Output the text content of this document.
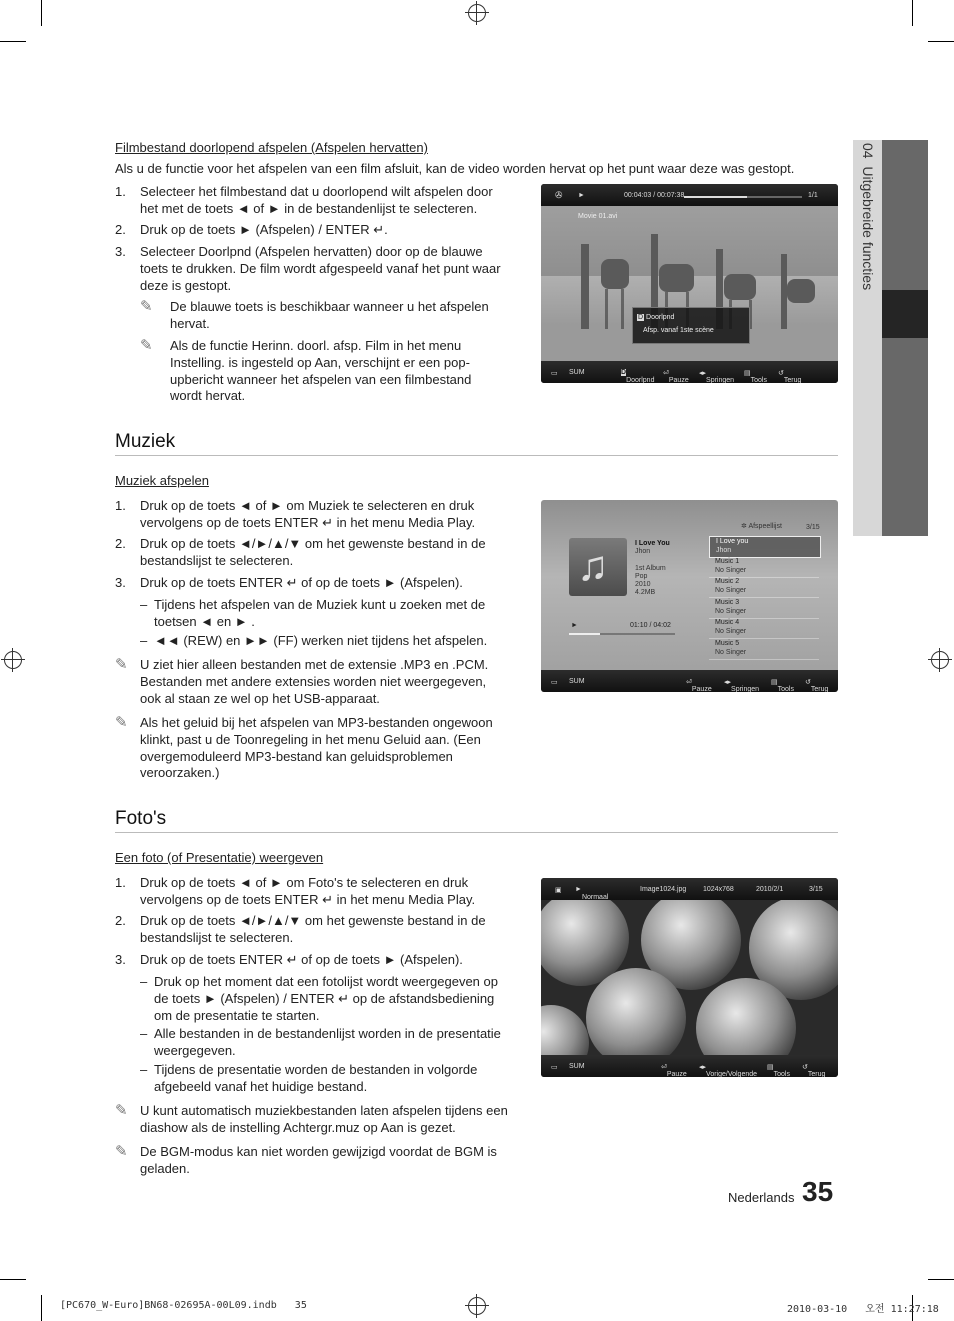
04  Uitgebreide functies
Filmbestand doorlopend afspelen (Afspelen hervatten)
Als u de functie voor het afspelen van een film afsluit, kan de video worden hervat op het punt waar deze was gestopt.
1.	Selecteer het filmbestand dat u doorlopend wilt afspelen door het met de toets ◄ of ► in de bestandenlijst te selecteren.
2.	Druk op de toets ► (Afspelen) / ENTER ↵.
3.	Selecteer Doorlpnd (Afspelen hervatten) door op de blauwe toets te drukken. De film wordt afgespeeld vanaf het punt waar deze is gestopt.
✎	De blauwe toets is beschikbaar wanneer u het afspelen hervat.
✎	Als de functie Herinn. doorl. afsp. Film in het menu Instelling. is ingesteld op Aan, verschijnt er een pop-upbericht wanneer het afspelen van een filmbestand wordt hervat.
✇ ►	00:04:03 / 00:07:38	1/1
Movie 01.avi
D Doorlpnd
Afsp. vanaf 1ste scène
▭ SUM	D
Doorlpnd
⏎
Pauze
◂▸
Springen
▤
Tools
↺
Terug
Muziek
Muziek afspelen
1.	Druk op de toets ◄ of ► om Muziek te selecteren en druk vervolgens op de toets ENTER ↵ in het menu Media Play.
2.	Druk op de toets ◄/►/▲/▼ om het gewenste bestand in de bestandslijst te selecteren.
3.	Druk op de toets ENTER ↵ of op de toets ► (Afspelen).
– Tijdens het afspelen van de Muziek kunt u zoeken met de toetsen ◄ en ► .
– ◄◄ (REW) en ►► (FF) werken niet tijdens het afspelen.
✎ U ziet hier alleen bestanden met de extensie .MP3 en .PCM. Bestanden met andere extensies worden niet weergegeven, ook al staan ze wel op het USB-apparaat.
✎ Als het geluid bij het afspelen van MP3-bestanden ongewoon klinkt, past u de Toonregeling in het menu Geluid aan. (Een overgemoduleerd MP3-bestand kan geluidsproblemen veroorzaken.)
✲ Afspeellijst	3/15
♫	I Love You
Jhon
1st Album
Pop
2010
4.2MB
►	01:10 / 04:02
I Love you
Jhon
Music 1
No Singer
Music 2
No Singer
Music 3
No Singer
Music 4
No Singer
Music 5
No Singer
▭ SUM	⏎
Pauze
◂▸
Springen
▤
Tools
↺
Terug
Foto's
Een foto (of Presentatie) weergeven
1.	Druk op de toets ◄ of ► om Foto's te selecteren en druk vervolgens op de toets ENTER ↵ in het menu Media Play.
2.	Druk op de toets ◄/►/▲/▼ om het gewenste bestand in de bestandslijst te selecteren.
3.	Druk op de toets ENTER ↵ of op de toets ► (Afspelen).
– Druk op het moment dat een fotolijst wordt weergegeven op de toets ► (Afspelen) / ENTER ↵ op de afstandsbediening om de presentatie te starten.
– Alle bestanden in de bestandenlijst worden in de presentatie weergegeven.
– Tijdens de presentatie worden de bestanden in volgorde afgebeeld vanaf het huidige bestand.
✎ U kunt automatisch muziekbestanden laten afspelen tijdens een diashow als de instelling Achtergr.muz op Aan is gezet.
✎ De BGM-modus kan niet worden gewijzigd voordat de BGM is geladen.
▣ ►
Normaal
Image1024.jpg 1024x768	2010/2/1	3/15
▭ SUM	⏎
Pauze
◂▸
Vorige/Volgende
▤
Tools
↺
Terug
Nederlands 35
[PC670_W-Euro]BN68-02695A-00L09.indb   35	2010-03-10   오전 11:27:18
